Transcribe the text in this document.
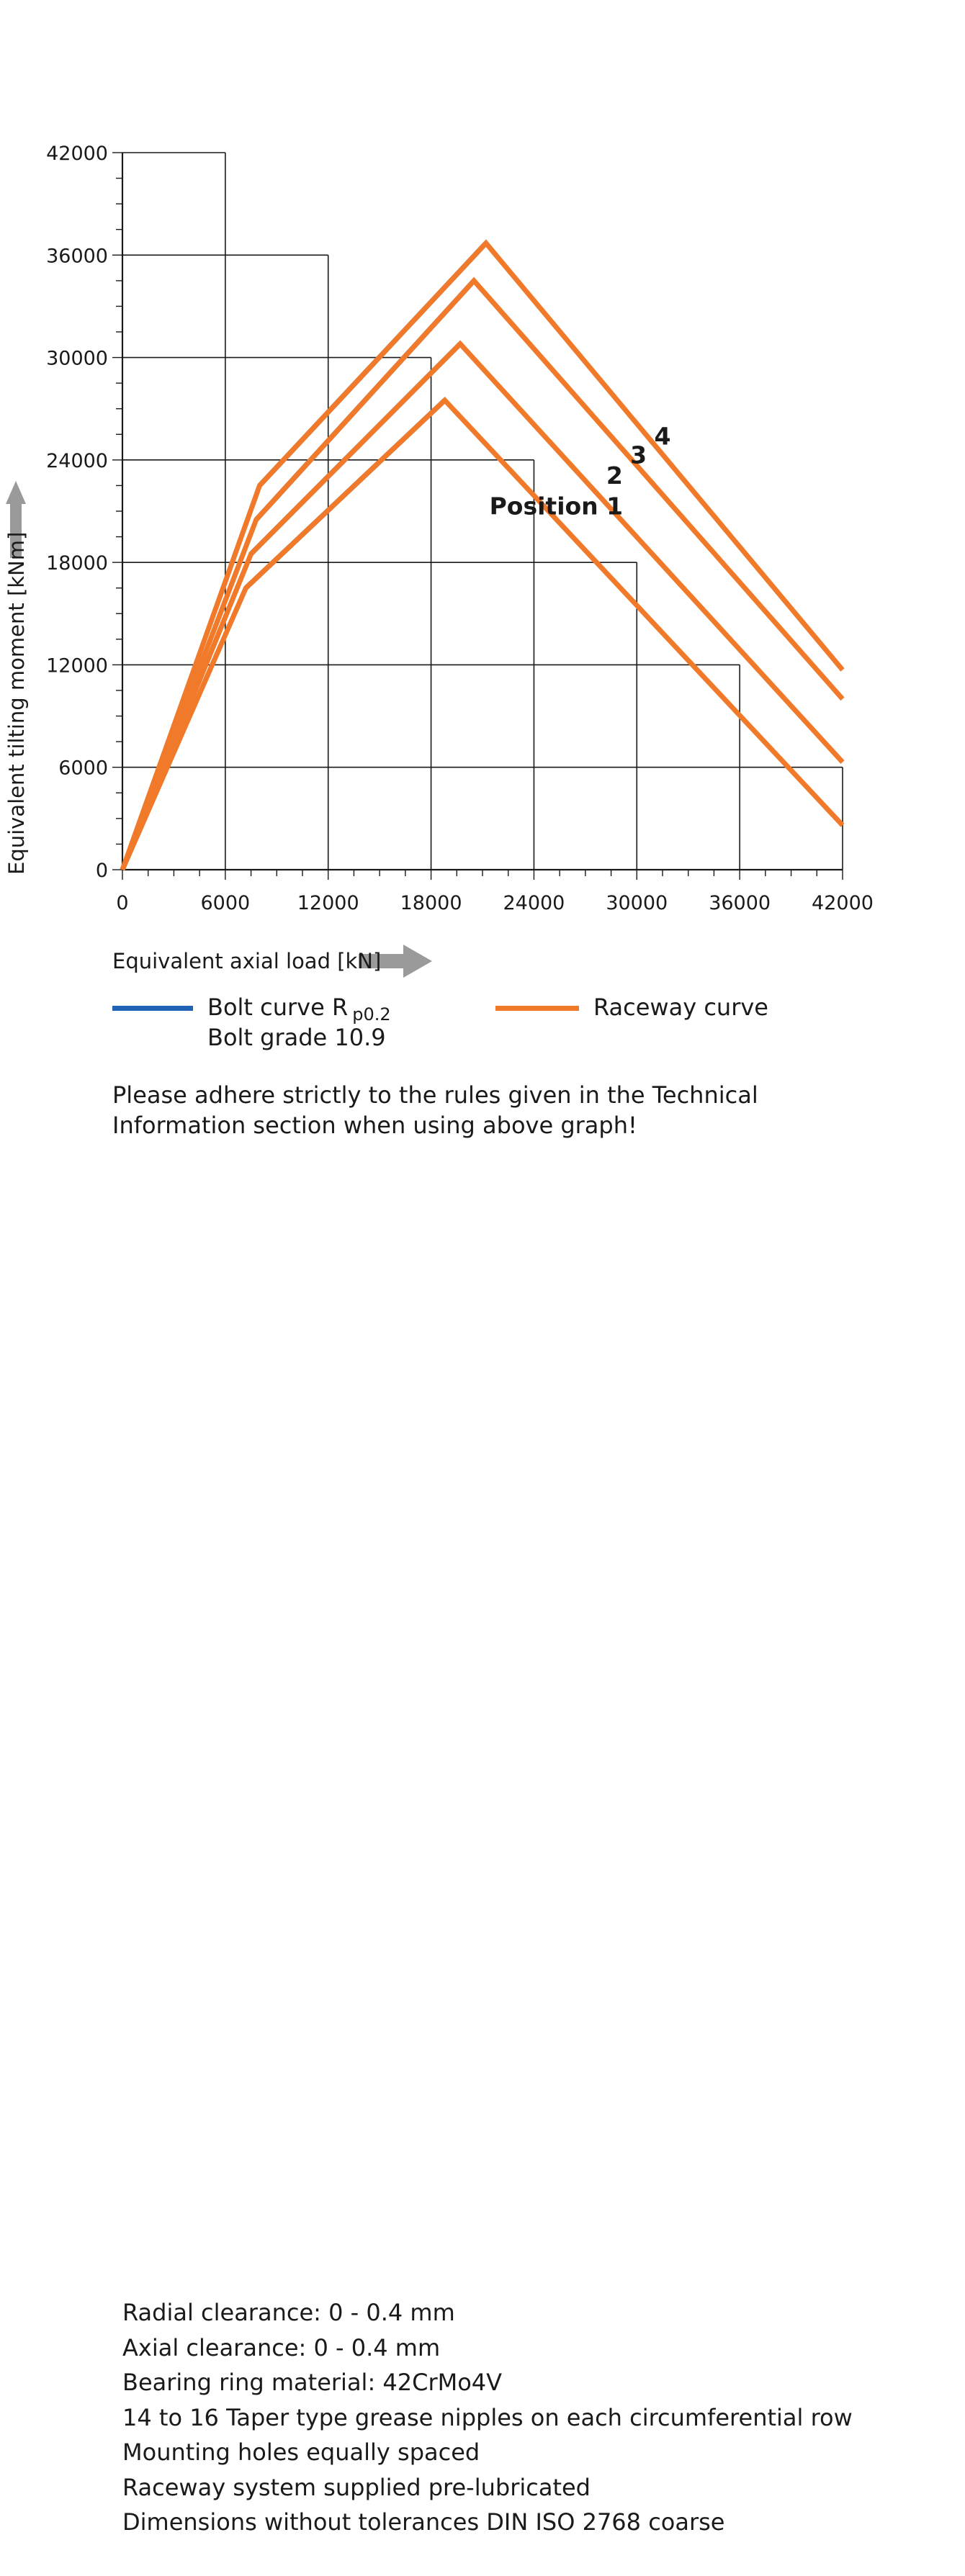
0	6000 12000 18000 24000 30000 36000 42000
0
6000
12000
18000
24000
30000
36000
42000
Position 1
2
3
4
Equivalent tilting moment [kNm]
Equivalent axial load [kN]
Bolt curve R $_{p0.2}$
Bolt grade 10.9
Raceway curve
Please adhere strictly to the rules given in the Technical
Information section when using above graph!
Radial clearance: 0 - 0.4 mm
Axial clearance: 0 - 0.4 mm
Bearing ring material: 42CrMo4V
14 to 16 Taper type grease nipples on each circumferential row
Mounting holes equally spaced
Raceway system supplied pre-lubricated
Dimensions without tolerances DIN ISO 2768 coarse
